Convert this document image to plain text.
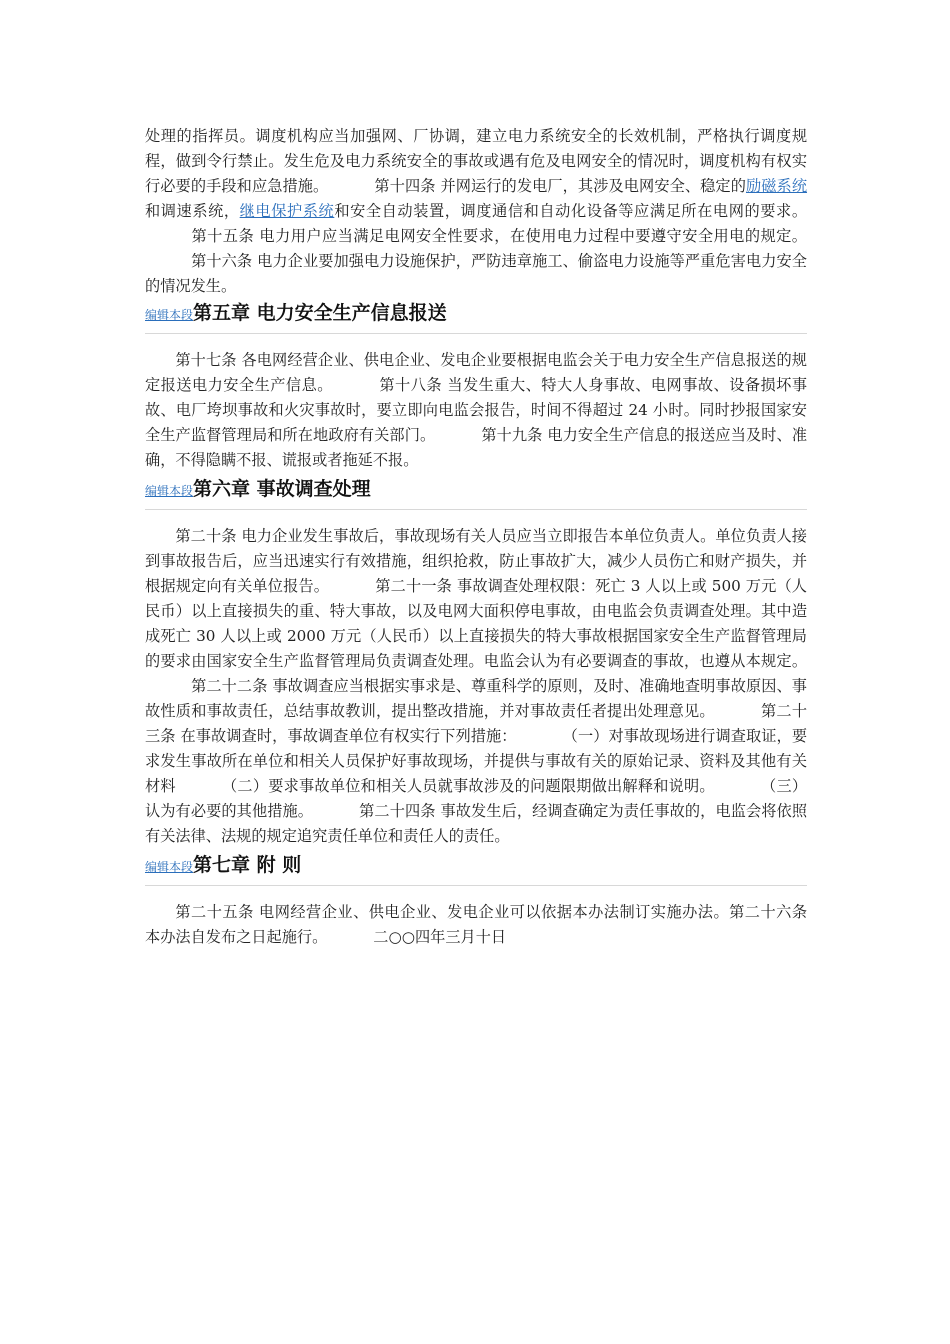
处理的指挥员。调度机构应当加强网、厂协调，建立电力系统安全的长效机制，严格执行调度规程，做到令行禁止。发生危及电力系统安全的事故或遇有危及电网安全的情况时，调度机构有权实行必要的手段和应急措施。	第十四条 并网运行的发电厂，其涉及电网安全、稳定的励磁系统和调速系统，继电保护系统和安全自动装置，调度通信和自动化设备等应满足所在电网的要求。第十五条 电力用户应当满足电网安全性要求，在使用电力过程中要遵守安全用电的规定。第十六条 电力企业要加强电力设施保护，严防违章施工、偷盗电力设施等严重危害电力安全的情况发生。

编辑本段第五章 电力安全生产信息报送

第十七条 各电网经营企业、供电企业、发电企业要根据电监会关于电力安全生产信息报送的规定报送电力安全生产信息。	第十八条 当发生重大、特大人身事故、电网事故、设备损坏事故、电厂垮坝事故和火灾事故时，要立即向电监会报告，时间不得超过 24 小时。同时抄报国家安全生产监督管理局和所在地政府有关部门。	第十九条 电力安全生产信息的报送应当及时、准确，不得隐瞒不报、谎报或者拖延不报。

编辑本段第六章 事故调查处理

第二十条 电力企业发生事故后，事故现场有关人员应当立即报告本单位负责人。单位负责人接到事故报告后，应当迅速实行有效措施，组织抢救，防止事故扩大，减少人员伤亡和财产损失，并根据规定向有关单位报告。	第二十一条 事故调查处理权限：死亡 3 人以上或 500 万元（人民币）以上直接损失的重、特大事故，以及电网大面积停电事故，由电监会负责调查处理。其中造成死亡 30 人以上或 2000 万元（人民币）以上直接损失的特大事故根据国家安全生产监督管理局的要求由国家安全生产监督管理局负责调查处理。电监会认为有必要调查的事故，也遵从本规定。第二十二条 事故调查应当根据实事求是、尊重科学的原则，及时、准确地查明事故原因、事故性质和事故责任，总结事故教训，提出整改措施，并对事故责任者提出处理意见。	第二十三条 在事故调查时，事故调查单位有权实行下列措施：	（一）对事故现场进行调查取证，要求发生事故所在单位和相关人员保护好事故现场，并提供与事故有关的原始记录、资料及其他有关材料	（二）要求事故单位和相关人员就事故涉及的问题限期做出解释和说明。	（三）认为有必要的其他措施。	第二十四条 事故发生后，经调查确定为责任事故的，电监会将依照有关法律、法规的规定追究责任单位和责任人的责任。

编辑本段第七章 附 则

第二十五条 电网经营企业、供电企业、发电企业可以依据本办法制订实施办法。第二十六条 本办法自发布之日起施行。	二○○四年三月十日
